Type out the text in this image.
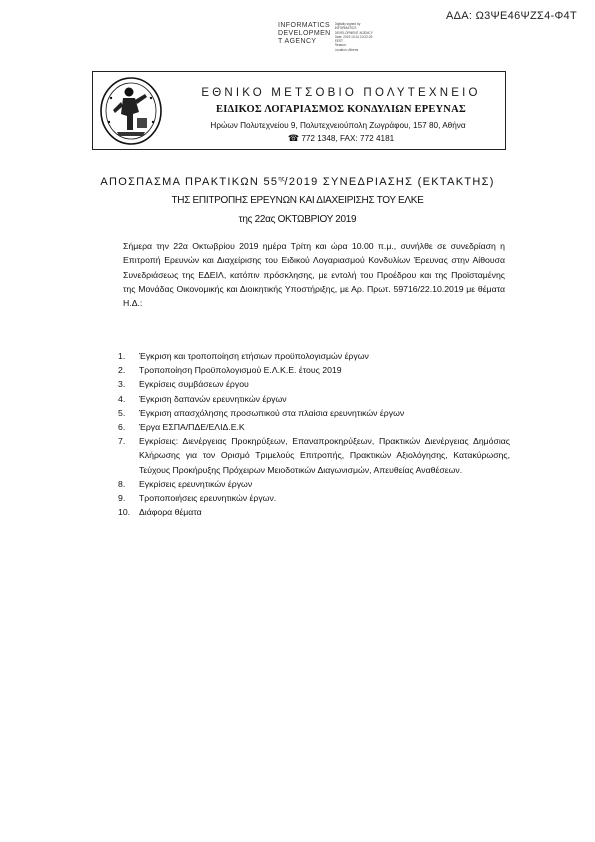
ΑΔΑ: Ω3ΨΕ46ΨΖΣ4-Φ4Τ
INFORMATICS
DEVELOPMEN
T AGENCY
Digitally signed by
INFORMATICS
DEVELOPMENT AGENCY
Date: 2019.10.24 10:22:25
EEST
Reason:
Location: Athens
ΕΘΝΙΚΟ ΜΕΤΣΟΒΙΟ ΠΟΛΥΤΕΧΝΕΙΟ
ΕΙΔΙΚΟΣ ΛΟΓΑΡΙΑΣΜΟΣ ΚΟΝΔΥΛΙΩΝ ΕΡΕΥΝΑΣ
Ηρώων Πολυτεχνείου 9, Πολυτεχνειούπολη Ζωγράφου, 157 80, Αθήνα
☎ 772 1348, FAX: 772 4181
ΑΠΟΣΠΑΣΜΑ ΠΡΑΚΤΙΚΩΝ $55^{\eta\varsigma}/2019$ ΣΥΝΕΔΡΙΑΣΗΣ (ΕΚΤΑΚΤΗΣ)
ΤΗΣ ΕΠΙΤΡΟΠΗΣ ΕΡΕΥΝΩΝ ΚΑΙ ΔΙΑΧΕΙΡΙΣΗΣ ΤΟΥ ΕΛΚΕ
της 22ας ΟΚΤΩΒΡΙΟΥ 2019

Σήμερα την 22α Οκτωβρίου 2019 ημέρα Τρίτη και ώρα 10.00 π.μ., συνήλθε σε συνεδρίαση η Επιτροπή Ερευνών και Διαχείρισης του Ειδικού Λογαριασμού Κονδυλίων Έρευνας στην Αίθουσα Συνεδριάσεως της ΕΔΕΙΛ, κατόπιν πρόσκλησης, με εντολή του Προέδρου και της Προϊσταμένης της Μονάδας Οικονομικής και Διοικητικής Υποστήριξης, με Αρ. Πρωτ. 59716/22.10.2019 με θέματα Η.Δ.:

1.	Έγκριση και τροποποίηση ετήσιων προϋπολογισμών έργων
2.	Τροποποίηση Προϋπολογισμού Ε.Λ.Κ.Ε. έτους 2019
3.	Εγκρίσεις συμβάσεων έργου
4.	Έγκριση δαπανών ερευνητικών έργων
5.	Έγκριση απασχόλησης προσωπικού στα πλαίσια ερευνητικών έργων
6.	Έργα ΕΣΠΑ/ΠΔΕ/ΕΛΙΔ.Ε.Κ
7.	Εγκρίσεις: Διενέργειας Προκηρύξεων, Επαναπροκηρύξεων, Πρακτικών Διενέργειας Δημόσιας Κλήρωσης για τον Ορισμό Τριμελούς Επιτροπής, Πρακτικών Αξιολόγησης, Κατακύρωσης, Τεύχους Προκήρυξης Πρόχειρων Μειοδοτικών Διαγωνισμών, Απευθείας Αναθέσεων.
8.	Εγκρίσεις ερευνητικών έργων
9.	Τροποποιήσεις ερευνητικών έργων.
10.	Διάφορα θέματα
